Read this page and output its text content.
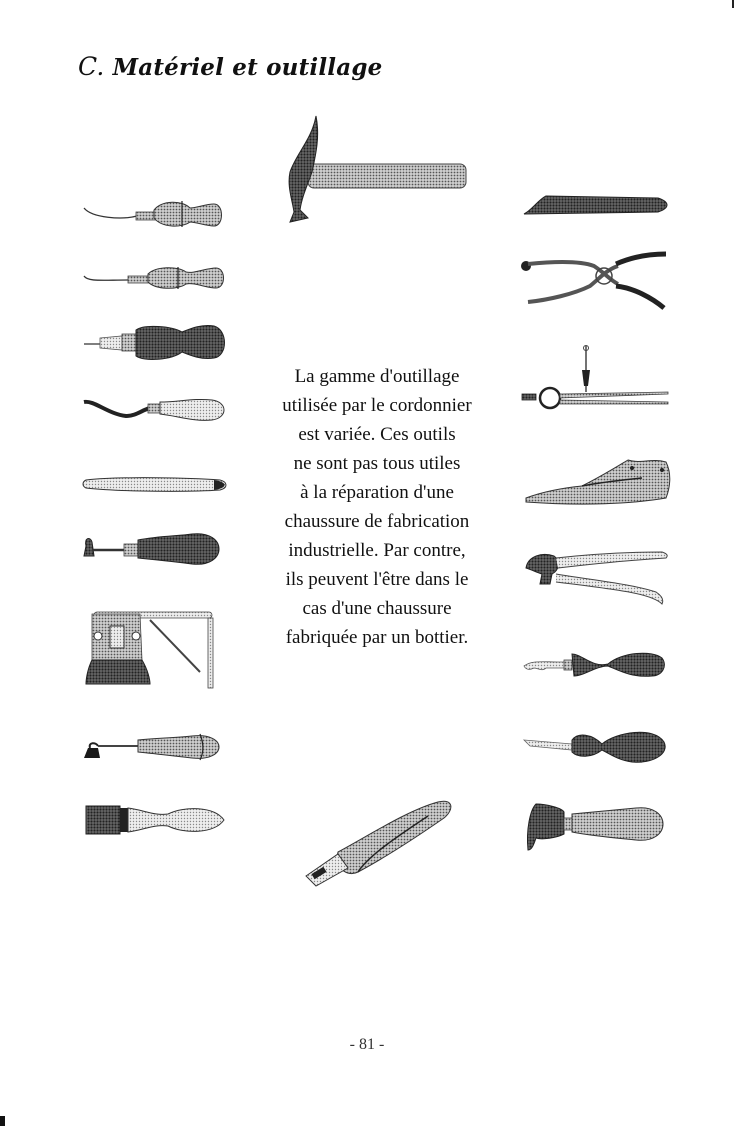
C. Matériel et outillage
La gamme d'outillage
utilisée par le cordonnier
est variée. Ces outils
ne sont pas tous utiles
à la réparation d'une
chaussure de fabrication
industrielle. Par contre,
ils peuvent l'être dans le
cas d'une chaussure
fabriquée par un bottier.
- 81 -
